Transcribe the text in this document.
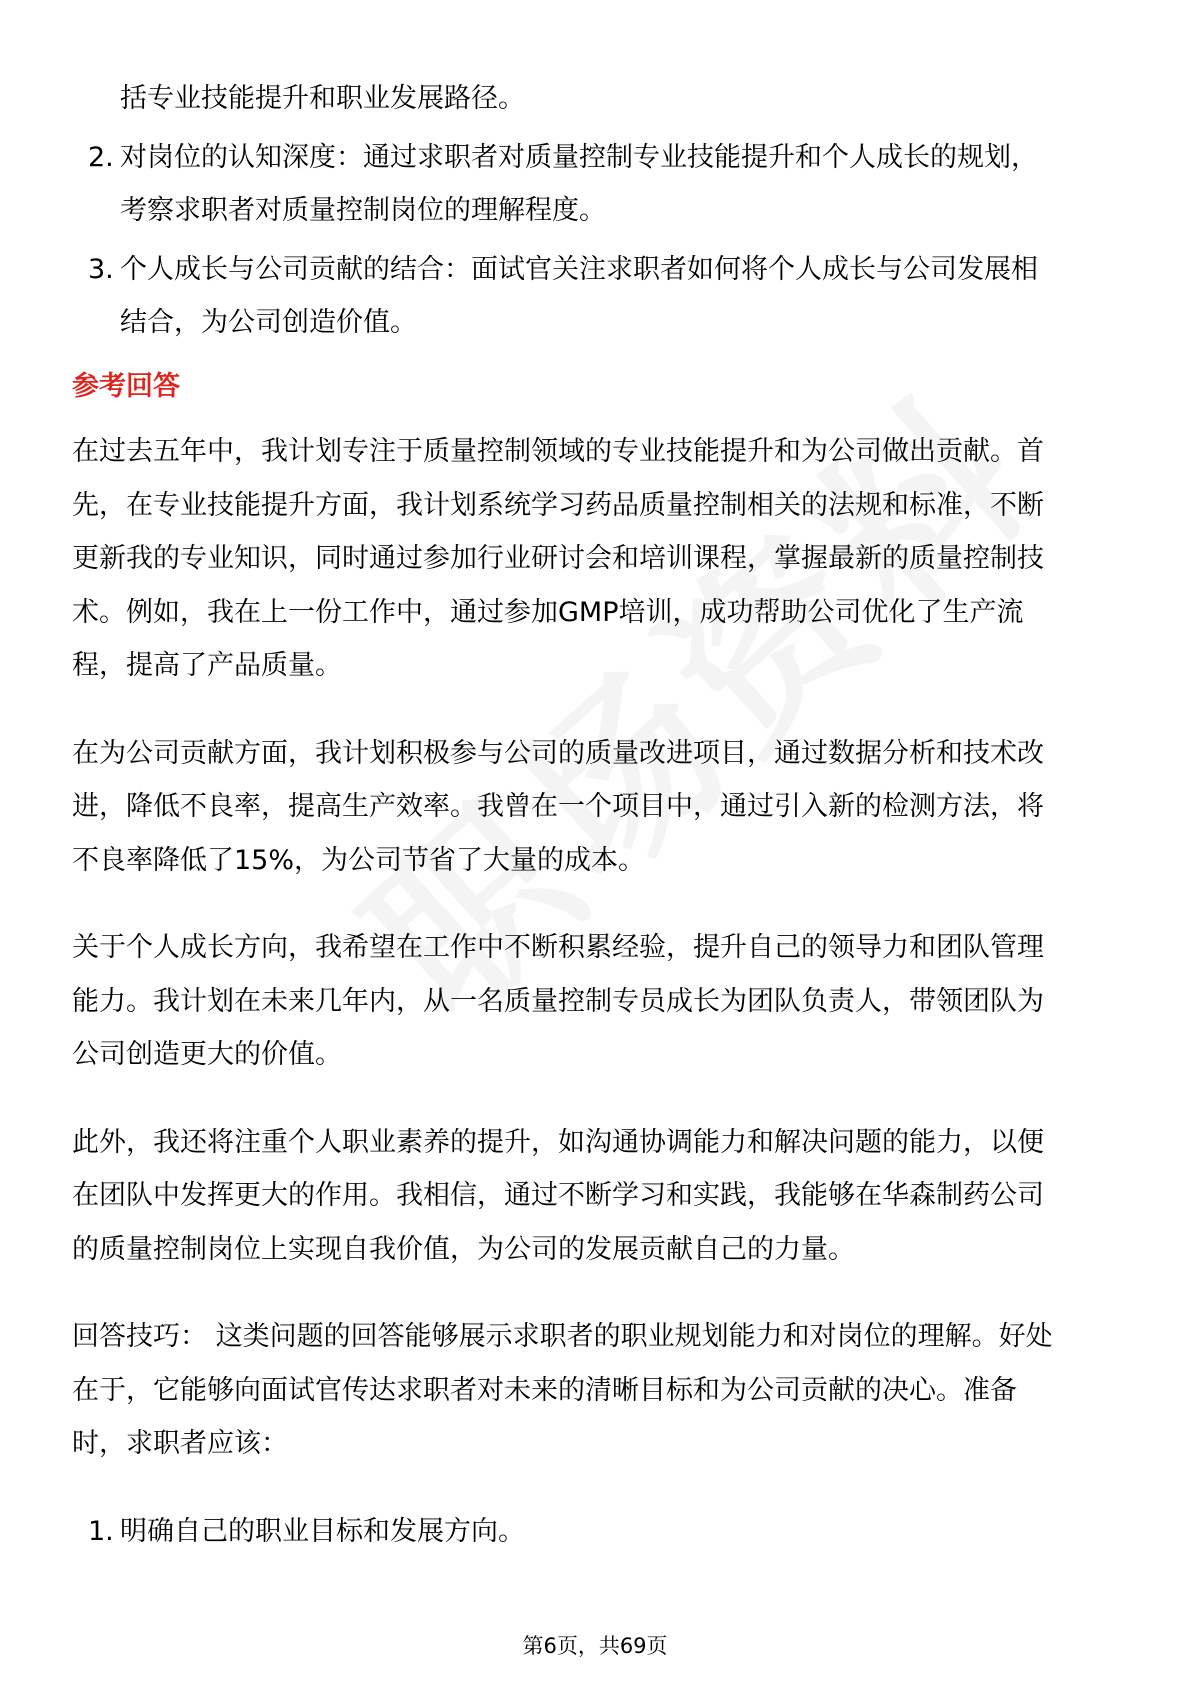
括专业技能提升和职业发展路径。
2. 对岗位的认知深度：通过求职者对质量控制专业技能提升和个人成长的规划，
考察求职者对质量控制岗位的理解程度。
3. 个人成长与公司贡献的结合：面试官关注求职者如何将个人成长与公司发展相
结合，为公司创造价值。
参考回答
在过去五年中，我计划专注于质量控制领域的专业技能提升和为公司做出贡献。首
先，在专业技能提升方面，我计划系统学习药品质量控制相关的法规和标准，不断
更新我的专业知识，同时通过参加行业研讨会和培训课程，掌握最新的质量控制技
术。例如，我在上一份工作中，通过参加GMP培训，成功帮助公司优化了生产流
程，提高了产品质量。
在为公司贡献方面，我计划积极参与公司的质量改进项目，通过数据分析和技术改
进，降低不良率，提高生产效率。我曾在一个项目中，通过引入新的检测方法，将
不良率降低了15%，为公司节省了大量的成本。
关于个人成长方向，我希望在工作中不断积累经验，提升自己的领导力和团队管理
能力。我计划在未来几年内，从一名质量控制专员成长为团队负责人，带领团队为
公司创造更大的价值。
此外，我还将注重个人职业素养的提升，如沟通协调能力和解决问题的能力，以便
在团队中发挥更大的作用。我相信，通过不断学习和实践，我能够在华森制药公司
的质量控制岗位上实现自我价值，为公司的发展贡献自己的力量。
回答技巧： 这类问题的回答能够展示求职者的职业规划能力和对岗位的理解。好处
在于，它能够向面试官传达求职者对未来的清晰目标和为公司贡献的决心。准备
时，求职者应该：
1. 明确自己的职业目标和发展方向。
第6页，共69页
